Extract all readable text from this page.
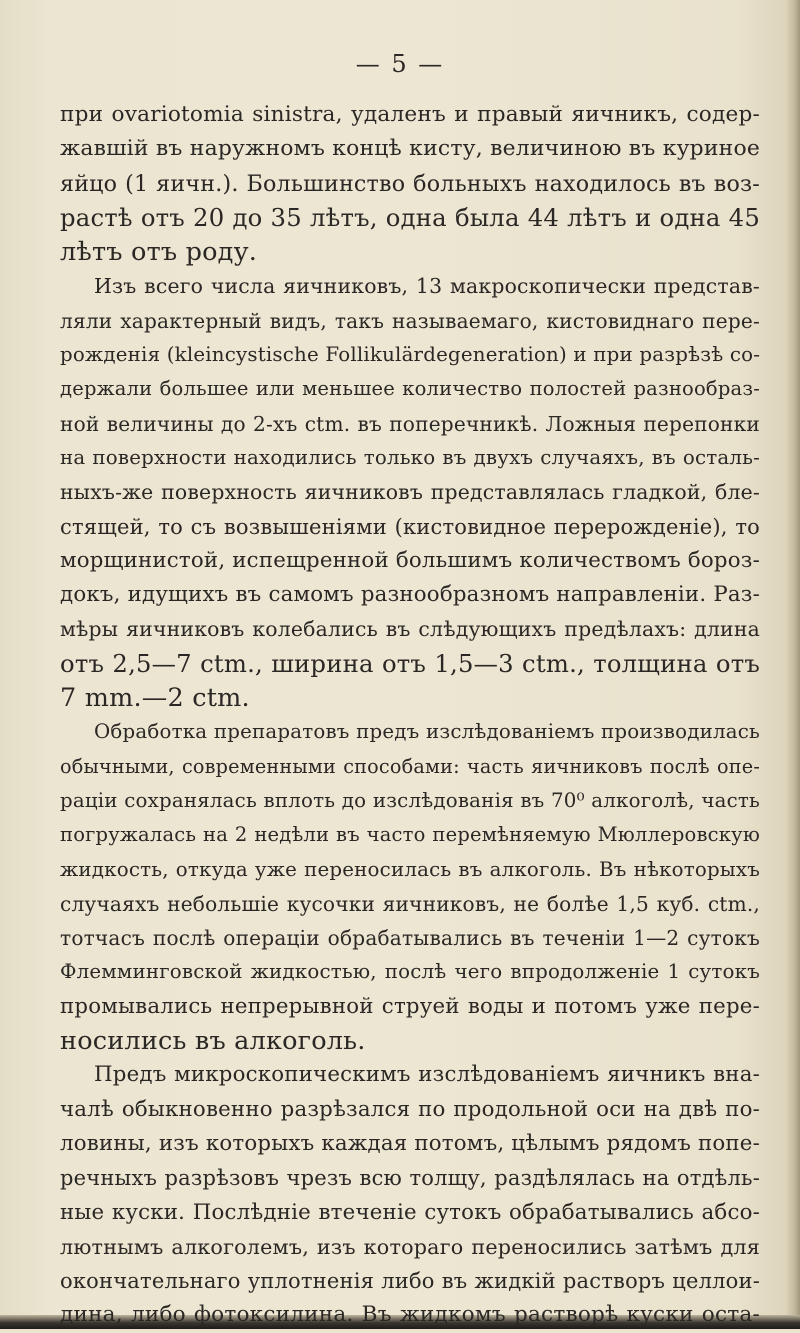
— 5 —
при ovariotomia sinistra, удаленъ и правый яичникъ, содер-
жавшій въ наружномъ концѣ кисту, величиною въ куриное
яйцо (1 яичн.). Большинство больныхъ находилось въ воз-
растѣ отъ 20 до 35 лѣтъ, одна была 44 лѣтъ и одна 45
лѣтъ отъ роду.
Изъ всего числа яичниковъ, 13 макроскопически представ-
ляли характерный видъ, такъ называемаго, кистовиднаго пере-
рожденія (kleincystische Follikulärdegeneration) и при разрѣзѣ со-
держали большее или меньшее количество полостей разнообраз-
ной величины до 2-хъ ctm. въ поперечникѣ. Ложныя перепонки
на поверхности находились только въ двухъ случаяхъ, въ осталь-
ныхъ-же поверхность яичниковъ представлялась гладкой, бле-
стящей, то съ возвышеніями (кистовидное перерожденіе), то
морщинистой, испещренной большимъ количествомъ бороз-
докъ, идущихъ въ самомъ разнообразномъ направленіи. Раз-
мѣры яичниковъ колебались въ слѣдующихъ предѣлахъ: длина
отъ 2,5—7 ctm., ширина отъ 1,5—3 ctm., толщина отъ
7 mm.—2 ctm.
Обработка препаратовъ предъ изслѣдованіемъ производилась
обычными, современными способами: часть яичниковъ послѣ опе-
раціи сохранялась вплоть до изслѣдованія въ 70⁰ алкоголѣ, часть
погружалась на 2 недѣли въ часто перемѣняемую Мюллеровскую
жидкость, откуда уже переносилась въ алкоголь. Въ нѣкоторыхъ
случаяхъ небольшіе кусочки яичниковъ, не болѣе 1,5 куб. ctm.,
тотчасъ послѣ операціи обрабатывались въ теченіи 1—2 сутокъ
Флемминговской жидкостью, послѣ чего впродолженіе 1 сутокъ
промывались непрерывной струей воды и потомъ уже пере-
носились въ алкоголь.
Предъ микроскопическимъ изслѣдованіемъ яичникъ вна-
чалѣ обыкновенно разрѣзался по продольной оси на двѣ по-
ловины, изъ которыхъ каждая потомъ, цѣлымъ рядомъ попе-
речныхъ разрѣзовъ чрезъ всю толщу, раздѣлялась на отдѣль-
ные куски. Послѣдніе втеченіе сутокъ обрабатывались абсо-
лютнымъ алкоголемъ, изъ котораго переносились затѣмъ для
окончательнаго уплотненія либо въ жидкій растворъ целлои-
дина, либо фотоксилина. Въ жидкомъ растворѣ куски оста-
